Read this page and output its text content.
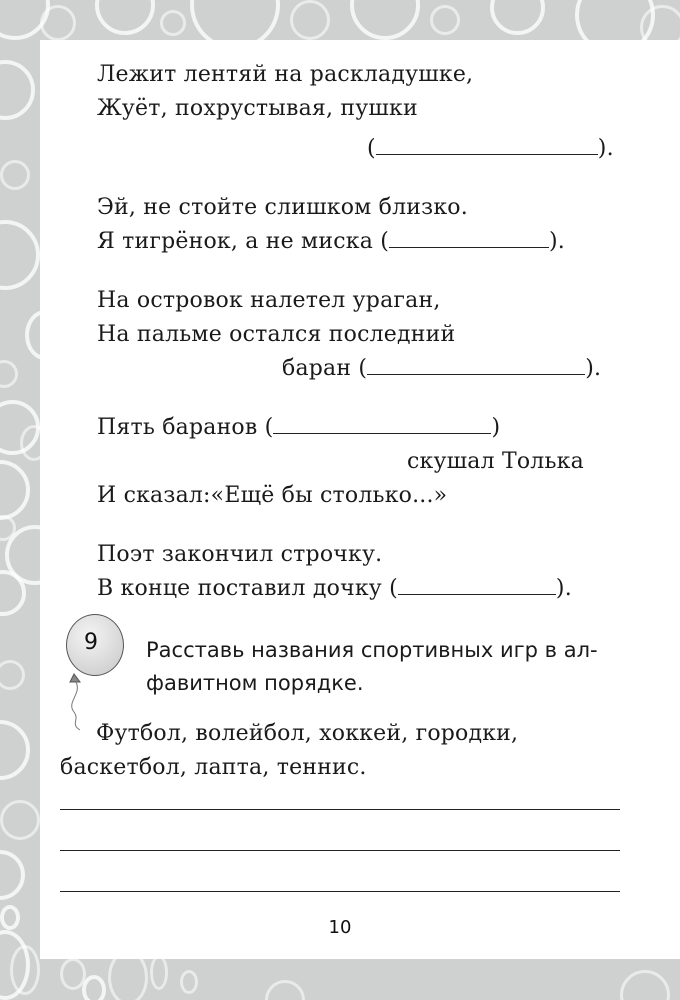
Лежит лентяй на раскладушке,
Жуёт, похрустывая, пушки
(	).
Эй, не стойте слишком близко.
Я тигрёнок, а не миска (	).
На островок налетел ураган,
На пальме остался последний
баран (	).
Пять баранов (	)
скушал Толька
И сказал:«Ещё бы столько...»
Поэт закончил строчку.
В конце поставил дочку (	).
9	Расставь названия спортивных игр в ал-
фавитном порядке.
Футбол, волейбол, хоккей, городки,
баскетбол, лапта, теннис.
10
